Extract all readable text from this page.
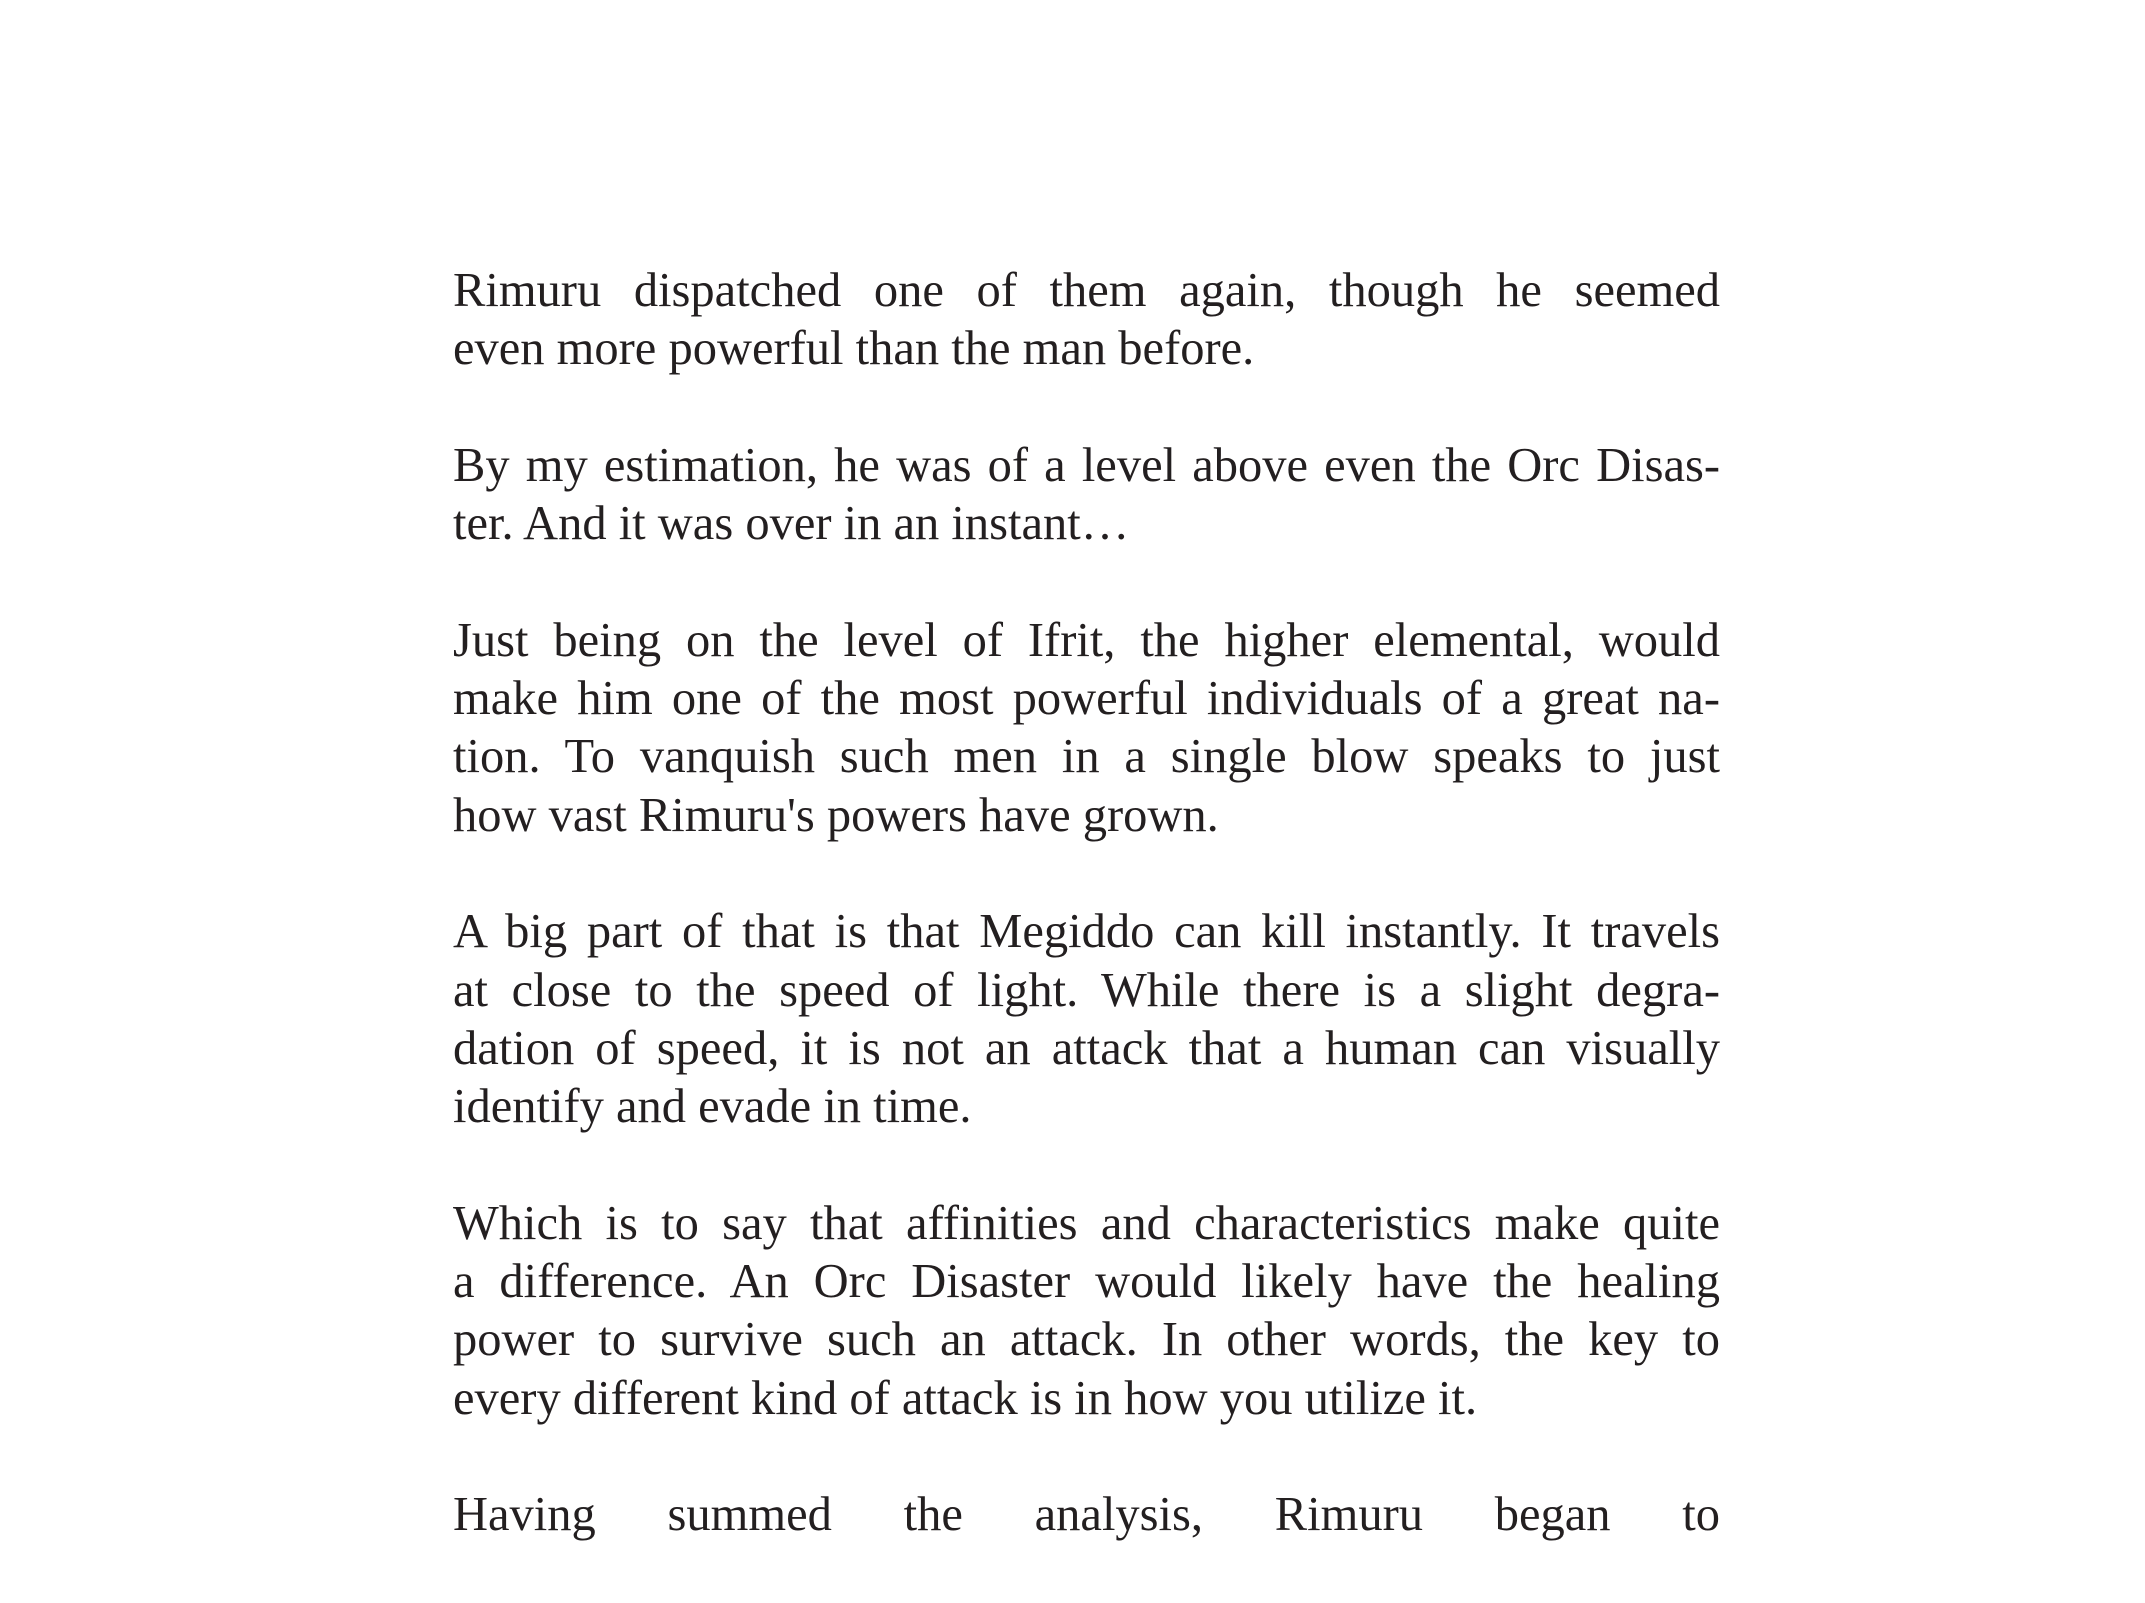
Rimuru dispatched one of them again, though he seemed
even more powerful than the man before.

By my estimation, he was of a level above even the Orc Disas-
ter. And it was over in an instant…

Just being on the level of Ifrit, the higher elemental, would
make him one of the most powerful individuals of a great na-
tion. To vanquish such men in a single blow speaks to just
how vast Rimuru's powers have grown.

A big part of that is that Megiddo can kill instantly. It travels
at close to the speed of light. While there is a slight degra-
dation of speed, it is not an attack that a human can visually
identify and evade in time.

Which is to say that affinities and characteristics make quite
a difference. An Orc Disaster would likely have the healing
power to survive such an attack. In other words, the key to
every different kind of attack is in how you utilize it.

Having summed the analysis, Rimuru began to
